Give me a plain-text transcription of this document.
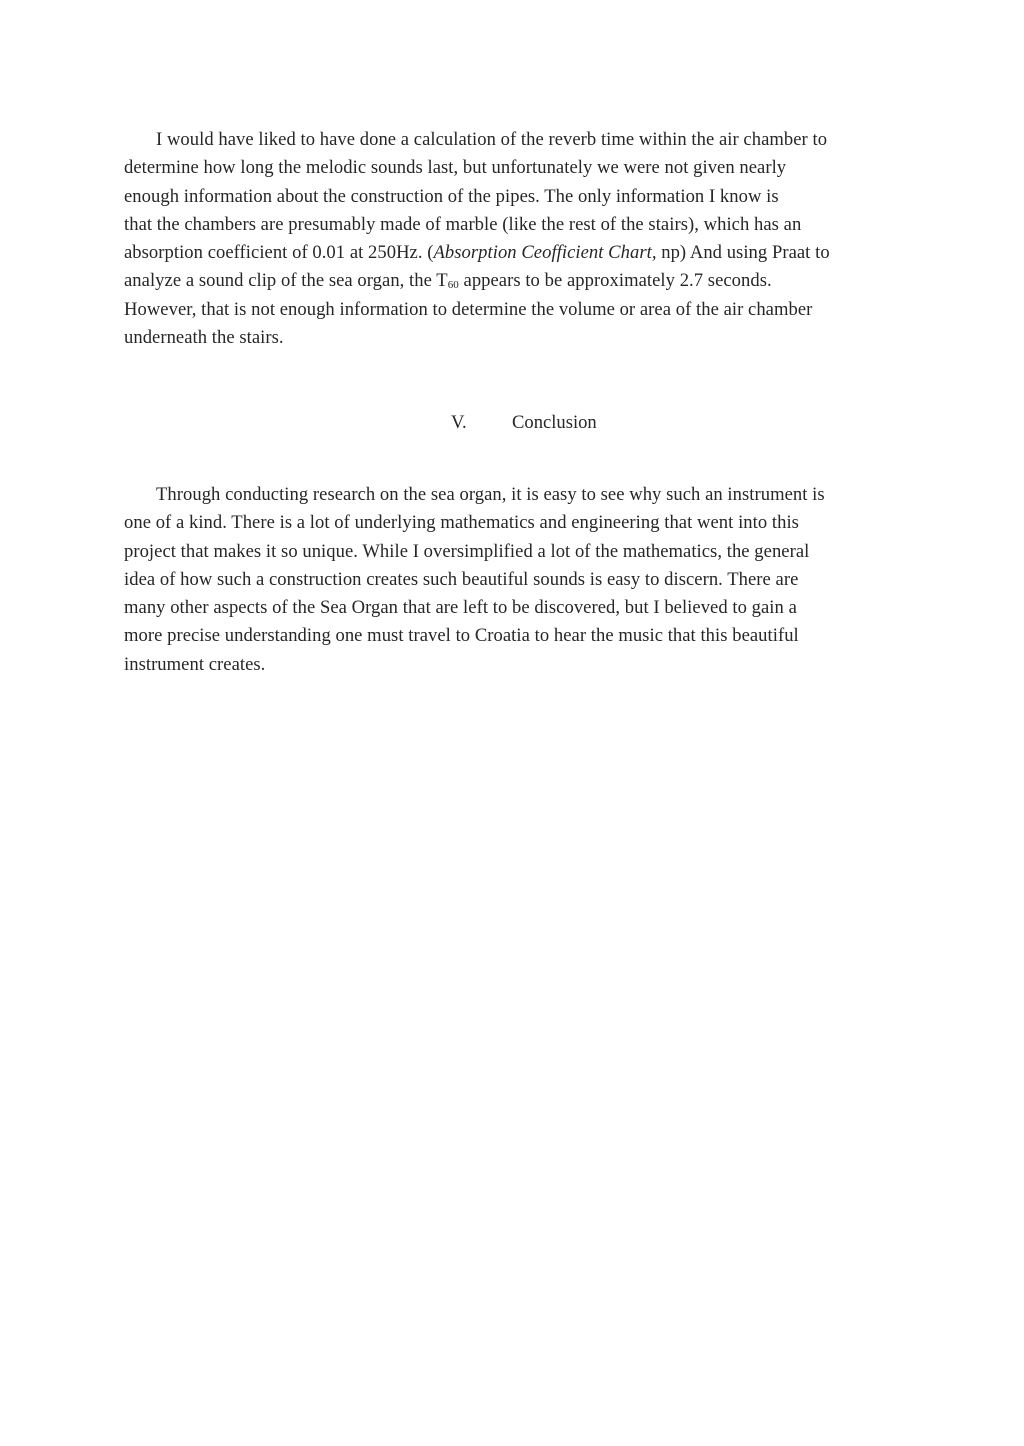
I would have liked to have done a calculation of the reverb time within the air chamber to
determine how long the melodic sounds last, but unfortunately we were not given nearly
enough information about the construction of the pipes. The only information I know is
that the chambers are presumably made of marble (like the rest of the stairs), which has an
absorption coefficient of 0.01 at 250Hz. (Absorption Ceofficient Chart, np) And using Praat to
analyze a sound clip of the sea organ, the $T_{60}$ appears to be approximately 2.7 seconds.
However, that is not enough information to determine the volume or area of the air chamber
underneath the stairs.
V. Conclusion
Through conducting research on the sea organ, it is easy to see why such an instrument is
one of a kind. There is a lot of underlying mathematics and engineering that went into this
project that makes it so unique. While I oversimplified a lot of the mathematics, the general
idea of how such a construction creates such beautiful sounds is easy to discern. There are
many other aspects of the Sea Organ that are left to be discovered, but I believed to gain a
more precise understanding one must travel to Croatia to hear the music that this beautiful
instrument creates.
